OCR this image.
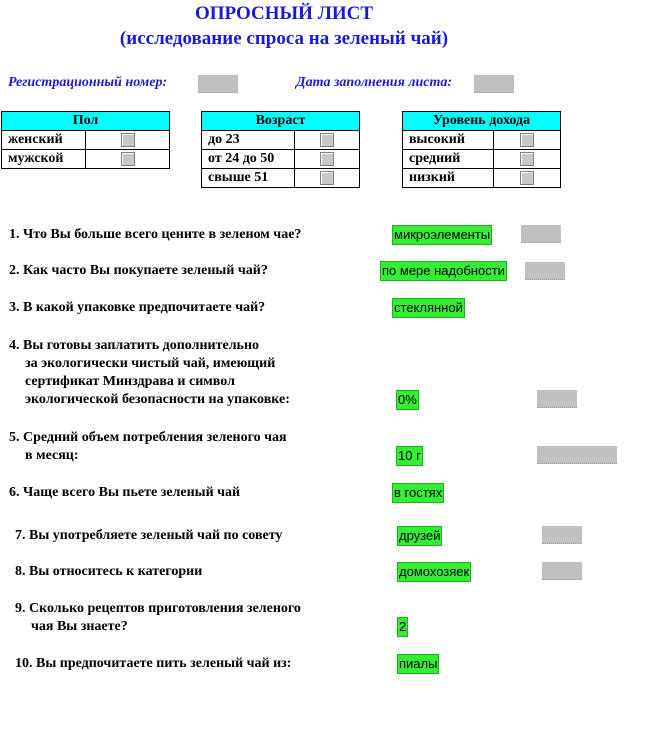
ОПРОСНЫЙ ЛИСТ
(исследование спроса на зеленый чай)
Регистрационный номер:	Дата заполнения листа:
Пол	
женский	
мужской	
Возраст	
до 23	
от 24 до 50	
свыше 51	
Уровень дохода	
высокий	
средний	
низкий	
1. Что Вы больше всего цените в зеленом чае?	микроэлементы
2. Как часто Вы покупаете зеленый чай?	по мере надобности
3. В какой упаковке предпочитаете чай?	стеклянной
4. Вы готовы заплатить дополнительно
за экологически чистый чай, имеющий
сертификат Минздрава и символ
экологической безопасности на упаковке:	0%
5. Средний объем потребления зеленого чая
в месяц:	10 г
6. Чаще всего Вы пьете зеленый чай	в гостях
7. Вы употребляете зеленый чай по совету	друзей
8. Вы относитесь к категории	домохозяек
9. Сколько рецептов приготовления зеленого
чая Вы знаете?	2
10. Вы предпочитаете пить зеленый чай из:	пиалы
